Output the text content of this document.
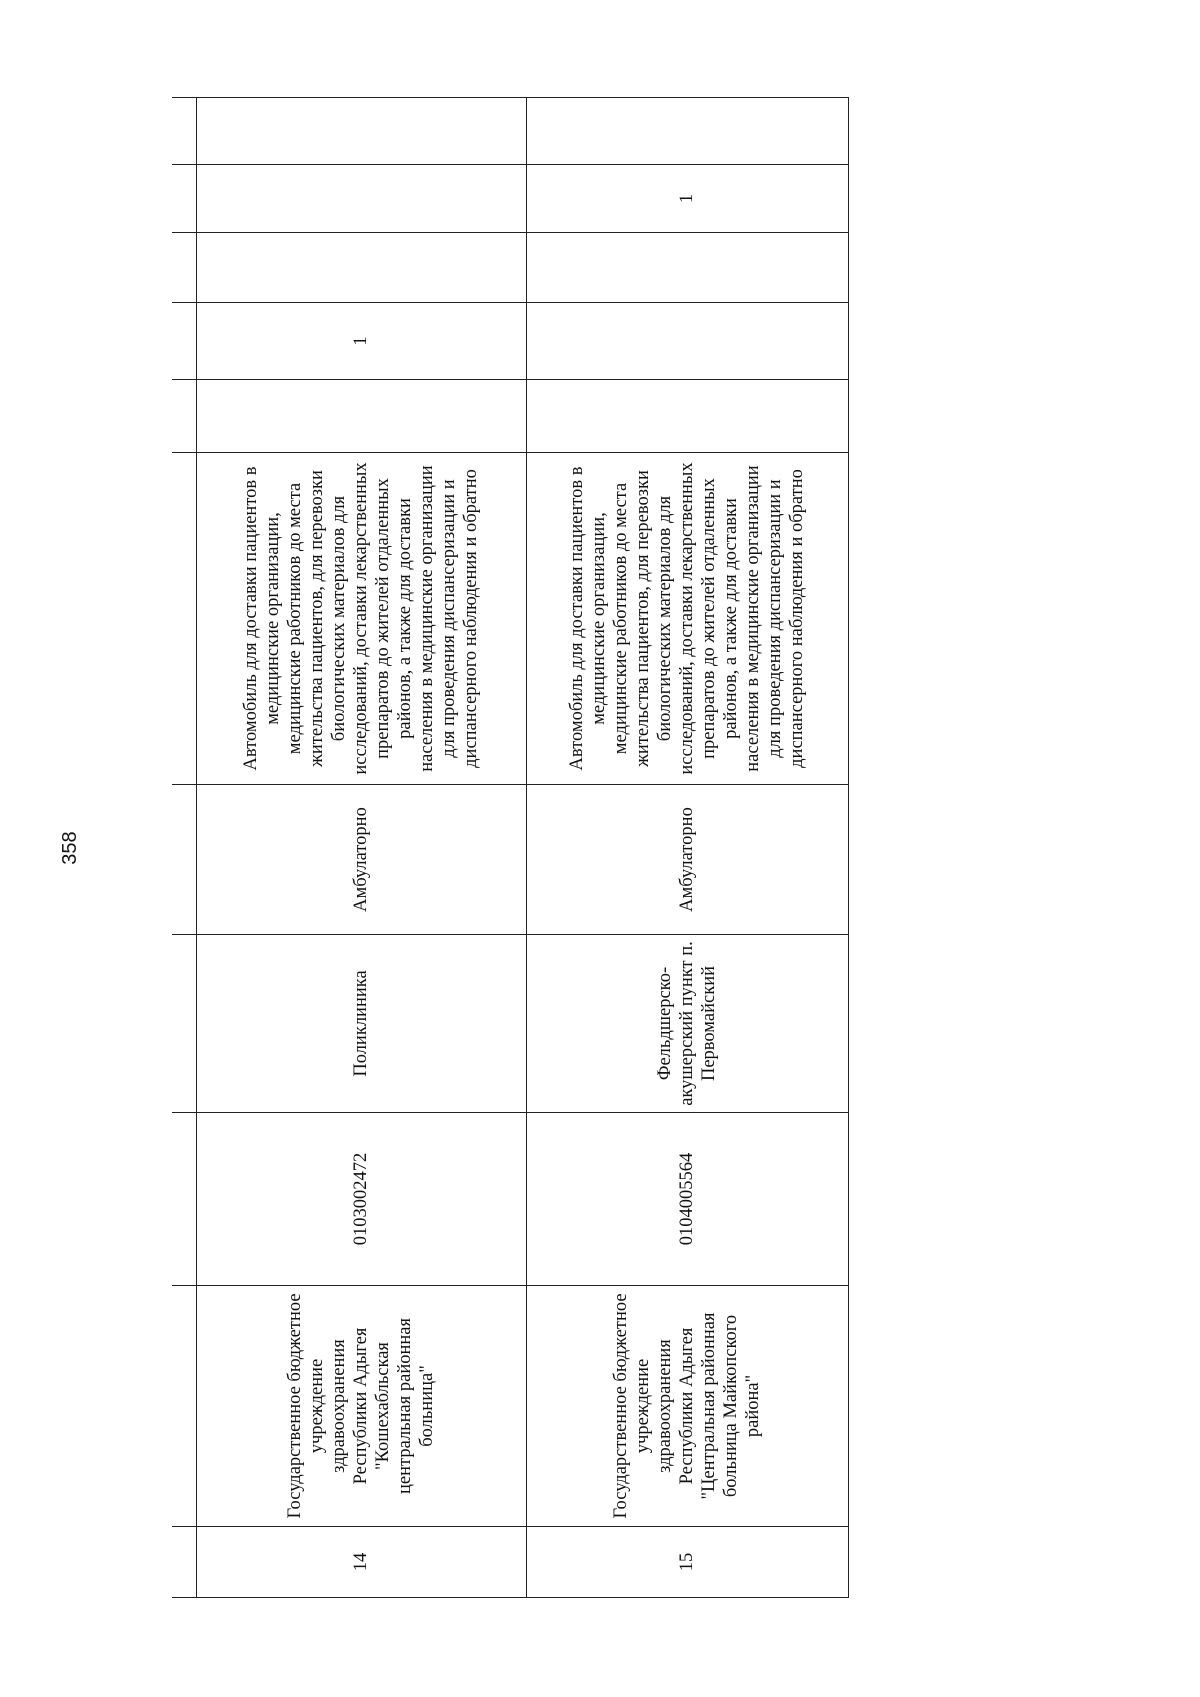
358

14	Государственное бюджетное учреждение здравоохранения Республики Адыгея "Кошехабльская центральная районная больница"	0103002472	Поликлиника	Амбулаторно	Автомобиль для доставки пациентов в медицинские организации, медицинские работников до места жительства пациентов, для перевозки биологических материалов для исследований, доставки лекарственных препаратов до жителей отдаленных районов, а также для доставки населения в медицинские организации для проведения диспансеризации и диспансерного наблюдения и обратно		1			
15	Государственное бюджетное учреждение здравоохранения Республики Адыгея "Центральная районная больница Майкопского района"	0104005564	Фельдшерско-акушерский пункт п. Первомайский	Амбулаторно	Автомобиль для доставки пациентов в медицинские организации, медицинские работников до места жительства пациентов, для перевозки биологических материалов для исследований, доставки лекарственных препаратов до жителей отдаленных районов, а также для доставки населения в медицинские организации для проведения диспансеризации и диспансерного наблюдения и обратно				1	
